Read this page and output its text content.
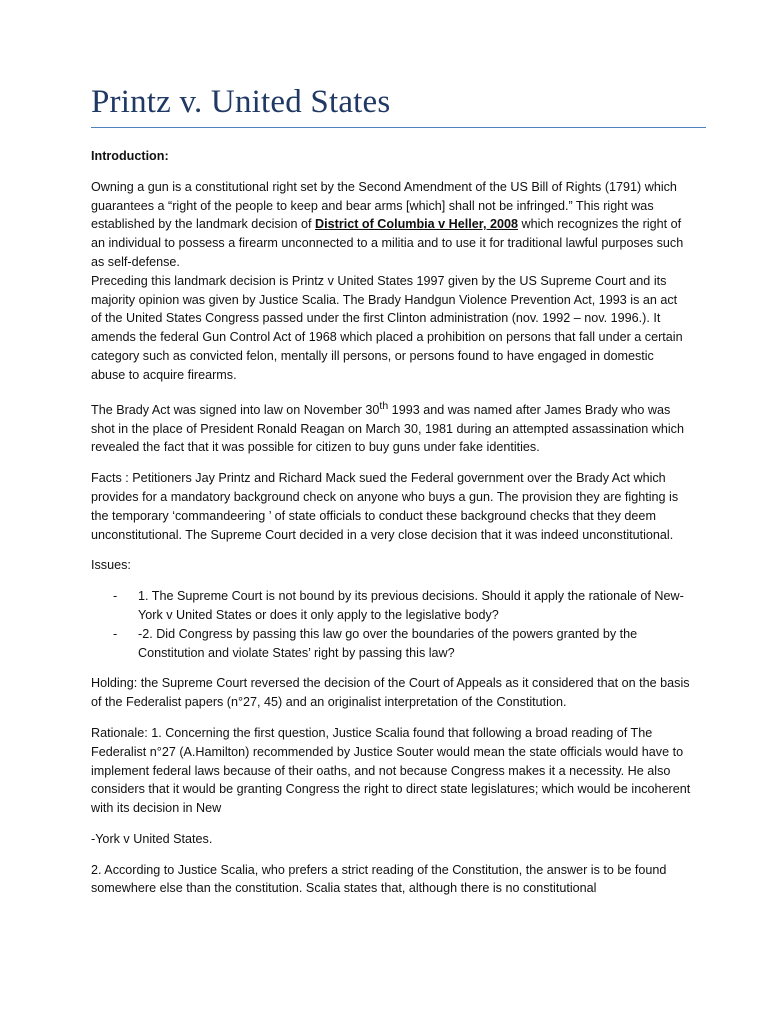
Printz v. United States

Introduction:

Owning a gun is a constitutional right set by the Second Amendment of the US Bill of Rights (1791) which guarantees a “right of the people to keep and bear arms [which] shall not be infringed.” This right was established by the landmark decision of District of Columbia v Heller, 2008 which recognizes the right of an individual to possess a firearm unconnected to a militia and to use it for traditional lawful purposes such as self-defense.

Preceding this landmark decision is Printz v United States 1997 given by the US Supreme Court and its majority opinion was given by Justice Scalia. The Brady Handgun Violence Prevention Act, 1993 is an act of the United States Congress passed under the first Clinton administration (nov. 1992 – nov. 1996.). It amends the federal Gun Control Act of 1968 which placed a prohibition on persons that fall under a certain category such as convicted felon, mentally ill persons, or persons found to have engaged in domestic abuse to acquire firearms.

The Brady Act was signed into law on November 30th 1993 and was named after James Brady who was shot in the place of President Ronald Reagan on March 30, 1981 during an attempted assassination which revealed the fact that it was possible for citizen to buy guns under fake identities.

Facts : Petitioners Jay Printz and Richard Mack sued the Federal government over the Brady Act which provides for a mandatory background check on anyone who buys a gun. The provision they are fighting is the temporary ‘commandeering ’ of state officials to conduct these background checks that they deem unconstitutional. The Supreme Court decided in a very close decision that it was indeed unconstitutional.

Issues:

- 1. The Supreme Court is not bound by its previous decisions. Should it apply the rationale of New-York v United States or does it only apply to the legislative body?
- -2. Did Congress by passing this law go over the boundaries of the powers granted by the Constitution and violate States’ right by passing this law?

Holding: the Supreme Court reversed the decision of the Court of Appeals as it considered that on the basis of the Federalist papers (n°27, 45) and an originalist interpretation of the Constitution.

Rationale: 1. Concerning the first question, Justice Scalia found that following a broad reading of The Federalist n°27 (A.Hamilton) recommended by Justice Souter would mean the state officials would have to implement federal laws because of their oaths, and not because Congress makes it a necessity. He also considers that it would be granting Congress the right to direct state legislatures; which would be incoherent with its decision in New

-York v United States.

2. According to Justice Scalia, who prefers a strict reading of the Constitution, the answer is to be found somewhere else than the constitution. Scalia states that, although there is no constitutional
